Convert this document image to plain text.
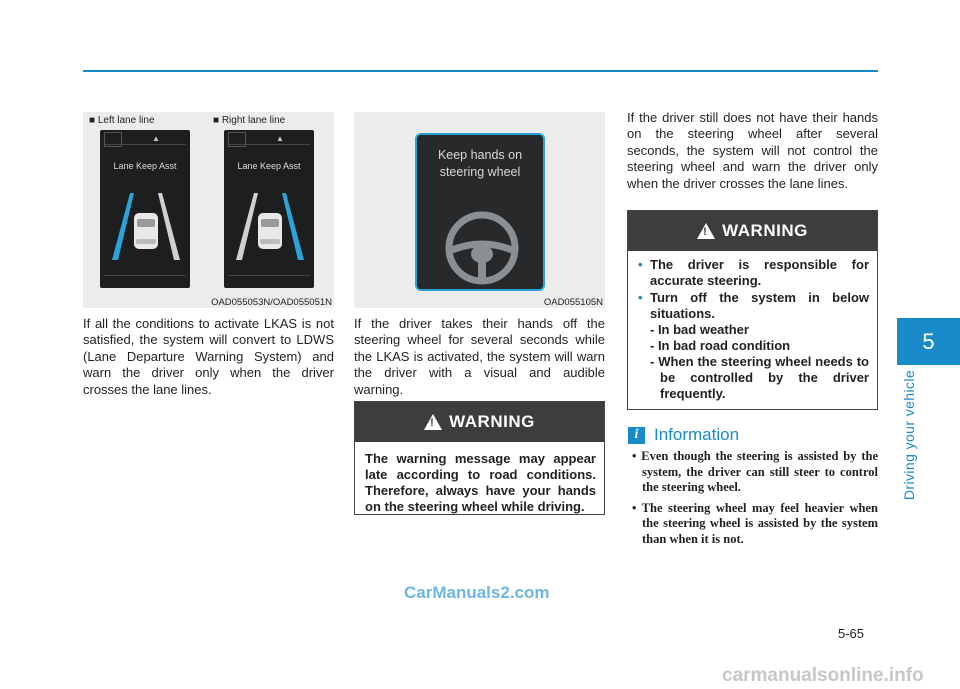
■ Left lane line	■ Right lane line
▲
Lane Keep Asst
▲
Lane Keep Asst
OAD055053N/OAD055051N
Keep hands on
steering wheel
OAD055105N

If all the conditions to activate LKAS is not satisfied, the system will convert to LDWS (Lane Departure Warning System) and warn the driver only when the driver crosses the lane lines.

If the driver takes their hands off the steering wheel for several seconds while the LKAS is activated, the system will warn the driver with a visual and audible warning.

!
WARNING

The warning message may appear late according to road conditions. Therefore, always have your hands on the steering wheel while driving.

If the driver still does not have their hands on the steering wheel after several seconds, the system will not control the steering wheel and warn the driver only when the driver crosses the lane lines.

!
WARNING
• The driver is responsible for accurate steering.
• Turn off the system in below situations.
- In bad weather
- In bad road condition
- When the steering wheel needs to be controlled by the driver frequently.
i Information
• Even though the steering is assisted by the system, the driver can still steer to control the steering wheel.
• The steering wheel may feel heavier when the steering wheel is assisted by the system than when it is not.
5
Driving your vehicle
5-65
CarManuals2.com
carmanualsonline.info
